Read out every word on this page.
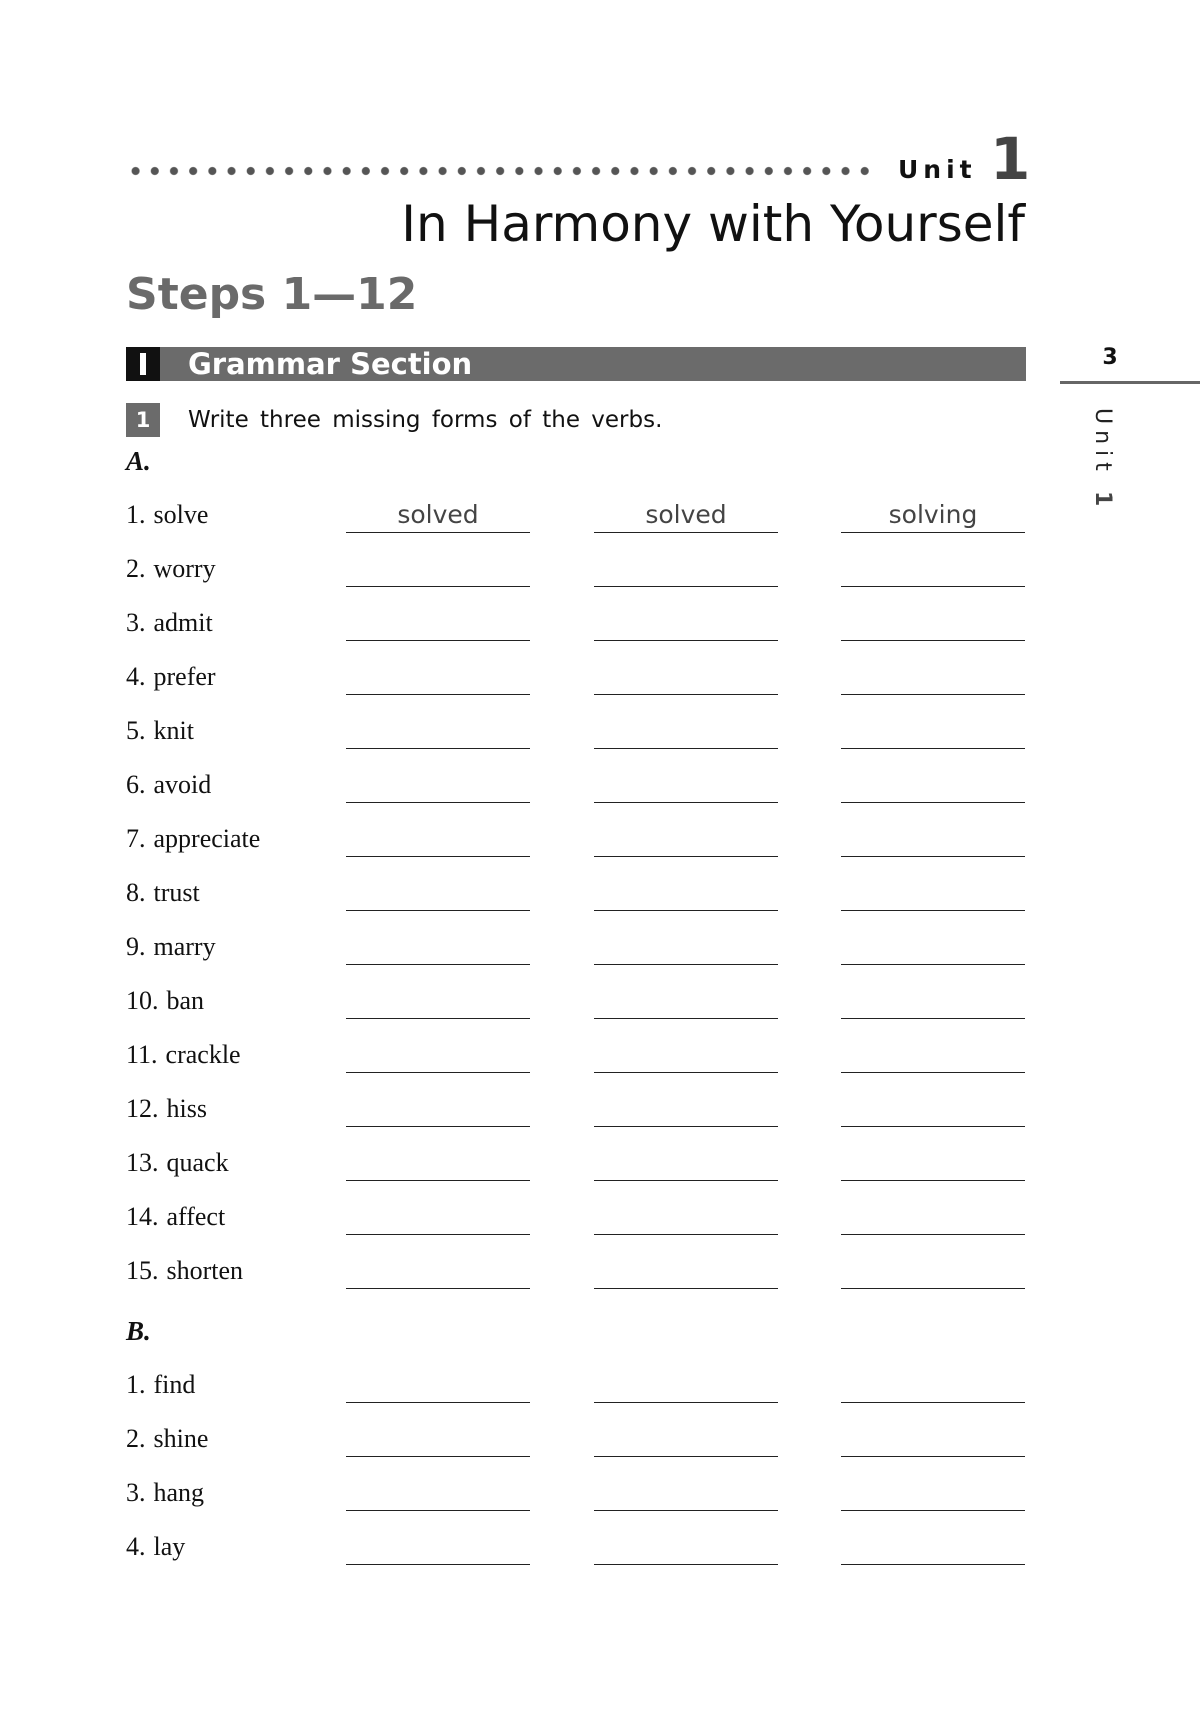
Unit 1
In Harmony with Yourself
Steps 1—12
Grammar Section	3
Unit1
1	Write three missing forms of the verbs.
A.
1. solve	solved	solved	solving
2. worry
3. admit
4. prefer
5. knit
6. avoid
7. appreciate
8. trust
9. marry
10. ban
11. crackle
12. hiss
13. quack
14. affect
15. shorten
B.
1. find
2. shine
3. hang
4. lay
